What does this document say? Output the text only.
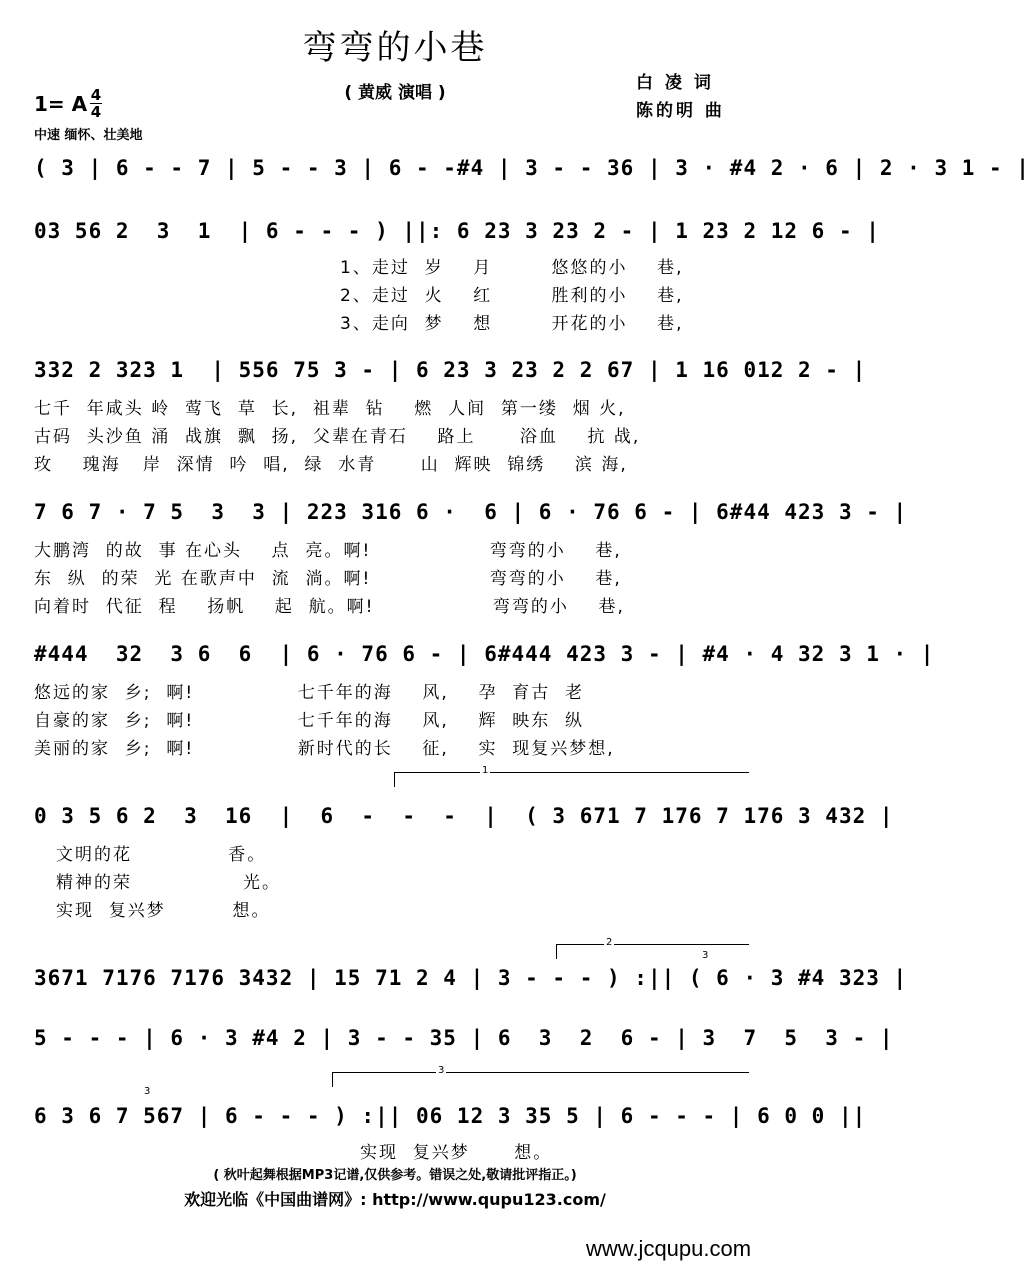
弯弯的小巷
( 黄威 演唱 )	白 凌 词
陈的明 曲
1= A 4
4
中速 缅怀、壮美地
( 3 | 6 - - 7 | 5 - - 3 | 6 - -#4 | 3 - - 36 | 3 · #4 2 · 6 | 2 · 3 1 - |
03 56 2  3  1  | 6 - - - ) ||: 6 23 3 23 2 - | 1 23 2 12 6 - |
1、走过  岁    月        悠悠的小    巷,
2、走过  火    红        胜利的小    巷,
3、走向  梦    想        开花的小    巷,
332 2 323 1  | 556 75 3 - | 6 23 3 23 2 2 67 | 1 16 012 2 - |
七千  年咸头 岭  莺飞  草  长,  祖辈  钻    燃  人间  第一缕  烟 火,
古码  头沙鱼 涌  战旗  飘  扬,  父辈在青石    路上      浴血    抗 战,
玫    瑰海   岸  深情  吟  唱,  绿  水青      山  辉映  锦绣    滨 海,
7 6 7 · 7 5  3  3 | 223 316 6 ·  6 | 6 · 76 6 - | 6#44 423 3 - |
大鹏湾  的故  事 在心头    点  亮。啊!                弯弯的小    巷,
东  纵  的荣  光 在歌声中  流  淌。啊!                弯弯的小    巷,
向着时  代征  程    扬帆    起  航。啊!                弯弯的小    巷,
#444  32  3 6  6  | 6 · 76 6 - | 6#444 423 3 - | #4 · 4 32 3 1 · |
悠远的家  乡;  啊!              七千年的海    风,    孕  育古  老
自豪的家  乡;  啊!              七千年的海    风,    辉  映东  纵
美丽的家  乡;  啊!              新时代的长    征,    实  现复兴梦想,
1
0 3 5 6 2  3  16  |  6  -  -  -  |  ( 3 671 7 176 7 176 3 432 |
文明的花             香。
精神的荣               光。
实现  复兴梦         想。
2
3
3671 7176 7176 3432 | 15 71 2 4 | 3 - - - ) :|| ( 6 · 3 #4 323 |
5 - - - | 6 · 3 #4 2 | 3 - - 35 | 6  3  2  6 - | 3  7  5  3 - |
3
3
6 3 6 7 567 | 6 - - - ) :|| 06 12 3 35 5 | 6 - - - | 6 0 0 ||
实现  复兴梦      想。
( 秋叶起舞根据MP3记谱,仅供参考。错误之处,敬请批评指正。)
欢迎光临《中国曲谱网》: http://www.qupu123.com/
www.jcqupu.com
